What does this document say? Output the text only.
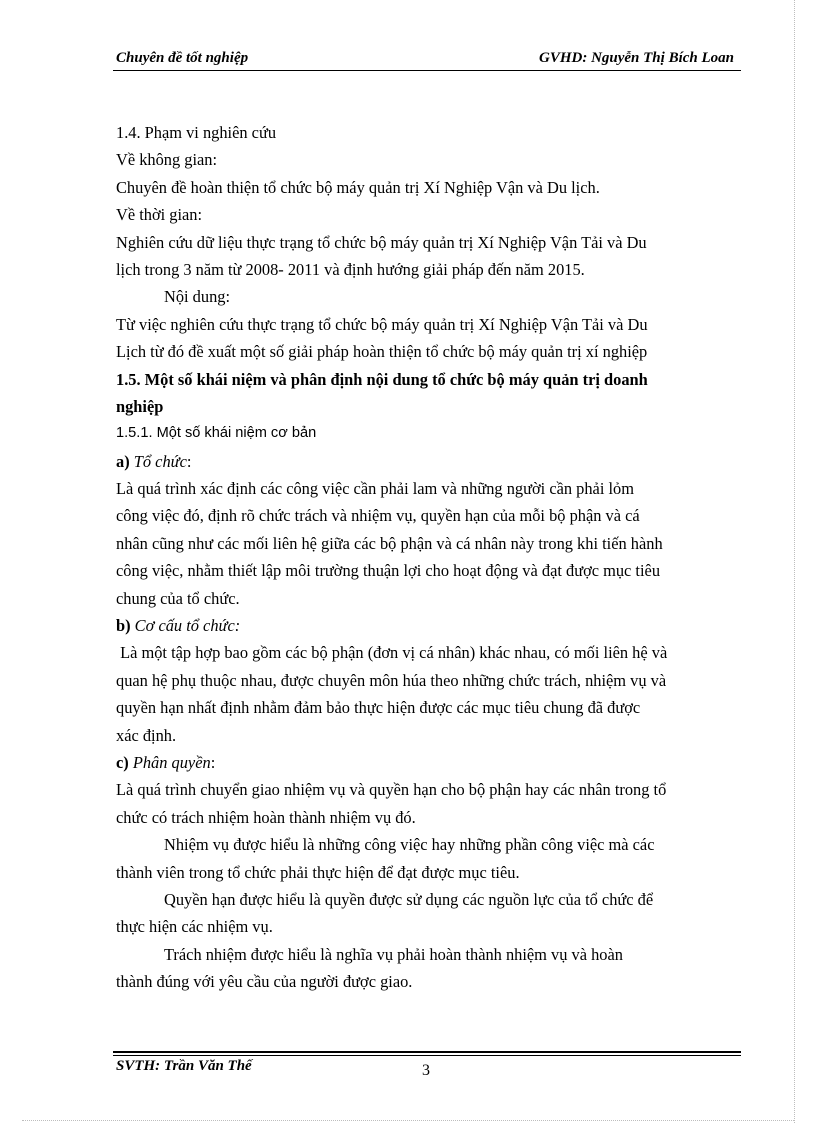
Chuyên đề tốt nghiệp	GVHD: Nguyễn Thị Bích Loan
1.4. Phạm vi nghiên cứu
Về không gian:
Chuyên đề hoàn thiện tổ chức bộ máy quản trị Xí Nghiệp Vận và Du lịch.
Về thời gian:
Nghiên cứu dữ liệu thực trạng tổ chức bộ máy quản trị Xí Nghiệp Vận Tải và Du
lịch trong 3 năm từ 2008- 2011 và định hướng giải pháp đến năm 2015.
Nội dung:
Từ việc nghiên cứu thực trạng tổ chức bộ máy quản trị Xí Nghiệp Vận Tải và Du
Lịch từ đó đề xuất một số giải pháp hoàn thiện tổ chức bộ máy quản trị xí nghiệp
1.5. Một số khái niệm và phân định nội dung tổ chức bộ máy quản trị doanh
nghiệp
1.5.1. Một số khái niệm cơ bản
a) Tổ chức:
Là quá trình xác định các công việc cần phải lam và những người cần phải lỏm
công việc đó, định rõ chức trách và nhiệm vụ, quyền hạn của mỗi bộ phận và cá
nhân cũng như các mối liên hệ giữa các bộ phận và cá nhân này trong khi tiến hành
công việc, nhằm thiết lập môi trường thuận lợi cho hoạt động và đạt được mục tiêu
chung của tổ chức.
b) Cơ cấu tổ chức:
Là một tập hợp bao gồm các bộ phận (đơn vị cá nhân) khác nhau, có mối liên hệ và
quan hệ phụ thuộc nhau, được chuyên môn húa theo những chức trách, nhiệm vụ và
quyền hạn nhất định nhằm đảm bảo thực hiện được các mục tiêu chung đã được
xác định.
c) Phân quyền:
Là quá trình chuyển giao nhiệm vụ và quyền hạn cho bộ phận hay các nhân trong tổ
chức có trách nhiệm hoàn thành nhiệm vụ đó.
Nhiệm vụ được hiểu là những công việc hay những phần công việc mà các
thành viên trong tổ chức phải thực hiện để đạt được mục tiêu.
Quyền hạn được hiểu là quyền được sử dụng các nguồn lực của tổ chức để
thực hiện các nhiệm vụ.
Trách nhiệm được hiểu là nghĩa vụ phải hoàn thành nhiệm vụ và hoàn
thành đúng với yêu cầu của người được giao.
SVTH: Trần Văn Thế	3
